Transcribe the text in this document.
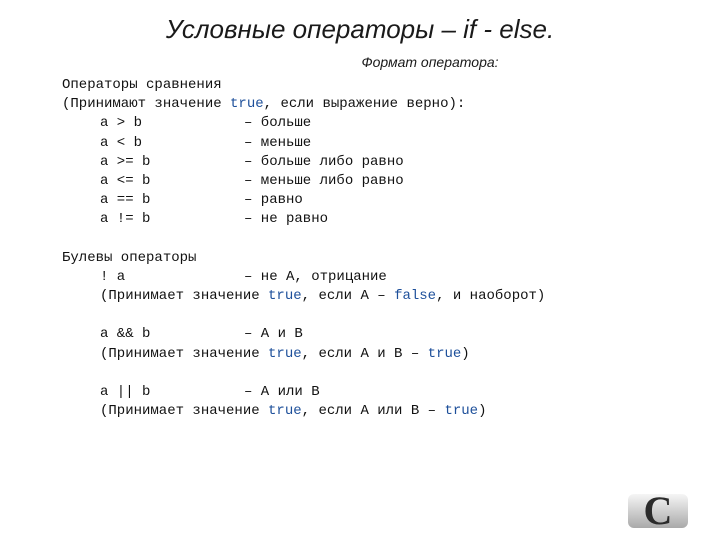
Условные операторы – if - else.
Формат оператора:
Операторы сравнения
(Принимают значение true, если выражение верно):
a > b	– больше
a < b	– меньше
a >= b	– больше либо равно
a <= b	– меньше либо равно
a == b	– равно
a != b	– не равно
Булевы операторы
! a	– не A, отрицание
(Принимает значение true, если A – false, и наоборот)
a && b	– A и B
(Принимает значение true, если A и B – true)
a || b	– A или B
(Принимает значение true, если A или B – true)
C
